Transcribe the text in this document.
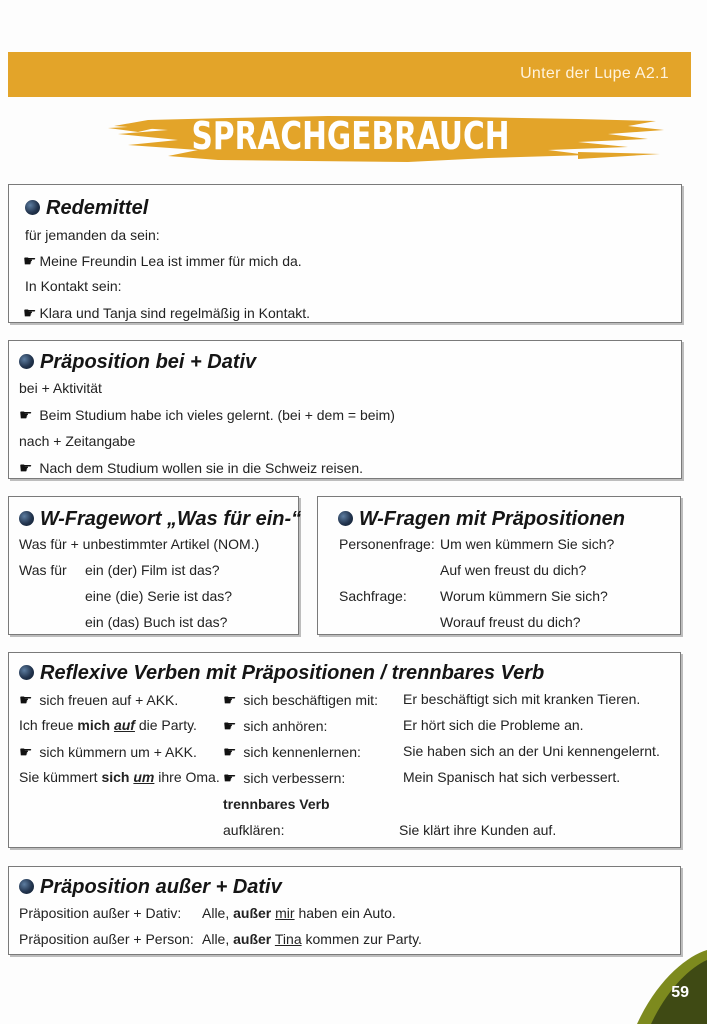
Unter der Lupe A2.1
SPRACHGEBRAUCH
Redemittel
für jemanden da sein:
☛ Meine Freundin Lea ist immer für mich da.
In Kontakt sein:
☛ Klara und Tanja sind regelmäßig in Kontakt.
Präposition bei + Dativ
bei + Aktivität
☛ Beim Studium habe ich vieles gelernt. (bei + dem = beim)
nach + Zeitangabe
☛ Nach dem Studium wollen sie in die Schweiz reisen.
W-Fragewort „Was für ein-“
Was für + unbestimmter Artikel (NOM.)
Was für ein (der) Film ist das?
eine (die) Serie ist das?
ein (das) Buch ist das?
W-Fragen mit Präpositionen
Personenfrage: Um wen kümmern Sie sich?
Auf wen freust du dich?
Sachfrage: Worum kümmern Sie sich?
Worauf freust du dich?
Reflexive Verben mit Präpositionen / trennbares Verb
☛ sich freuen auf + AKK.
Ich freue mich auf die Party.
☛ sich kümmern um + AKK.
Sie kümmert sich um ihre Oma.
☛ sich beschäftigen mit:
☛ sich anhören:
☛ sich kennenlernen:
☛ sich verbessern:
trennbares Verb
aufklären:
Er beschäftigt sich mit kranken Tieren.
Er hört sich die Probleme an.
Sie haben sich an der Uni kennengelernt.
Mein Spanisch hat sich verbessert.
Sie klärt ihre Kunden auf.
Präposition außer + Dativ
Präposition außer + Dativ: Alle, außer mir haben ein Auto.
Präposition außer + Person: Alle, außer Tina kommen zur Party.
59
